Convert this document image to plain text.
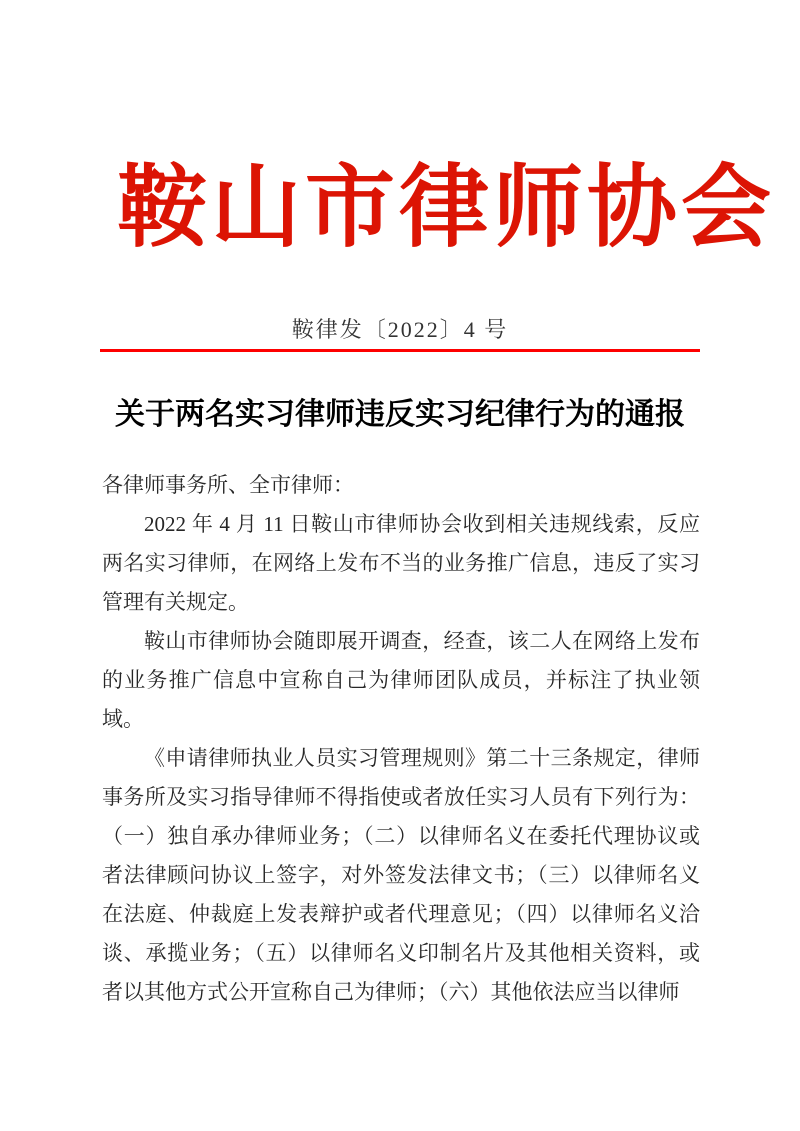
鞍山市律师协会
鞍律发〔2022〕4 号
关于两名实习律师违反实习纪律行为的通报

各律师事务所、全市律师：

2022 年 4 月 11 日鞍山市律师协会收到相关违规线索，反应两名实习律师，在网络上发布不当的业务推广信息，违反了实习管理有关规定。

鞍山市律师协会随即展开调查，经查，该二人在网络上发布的业务推广信息中宣称自己为律师团队成员，并标注了执业领域。

《申请律师执业人员实习管理规则》第二十三条规定，律师事务所及实习指导律师不得指使或者放任实习人员有下列行为：（一）独自承办律师业务；（二）以律师名义在委托代理协议或者法律顾问协议上签字，对外签发法律文书；（三）以律师名义在法庭、仲裁庭上发表辩护或者代理意见；（四）以律师名义洽谈、承揽业务；（五）以律师名义印制名片及其他相关资料，或者以其他方式公开宣称自己为律师；（六）其他依法应当以律师
